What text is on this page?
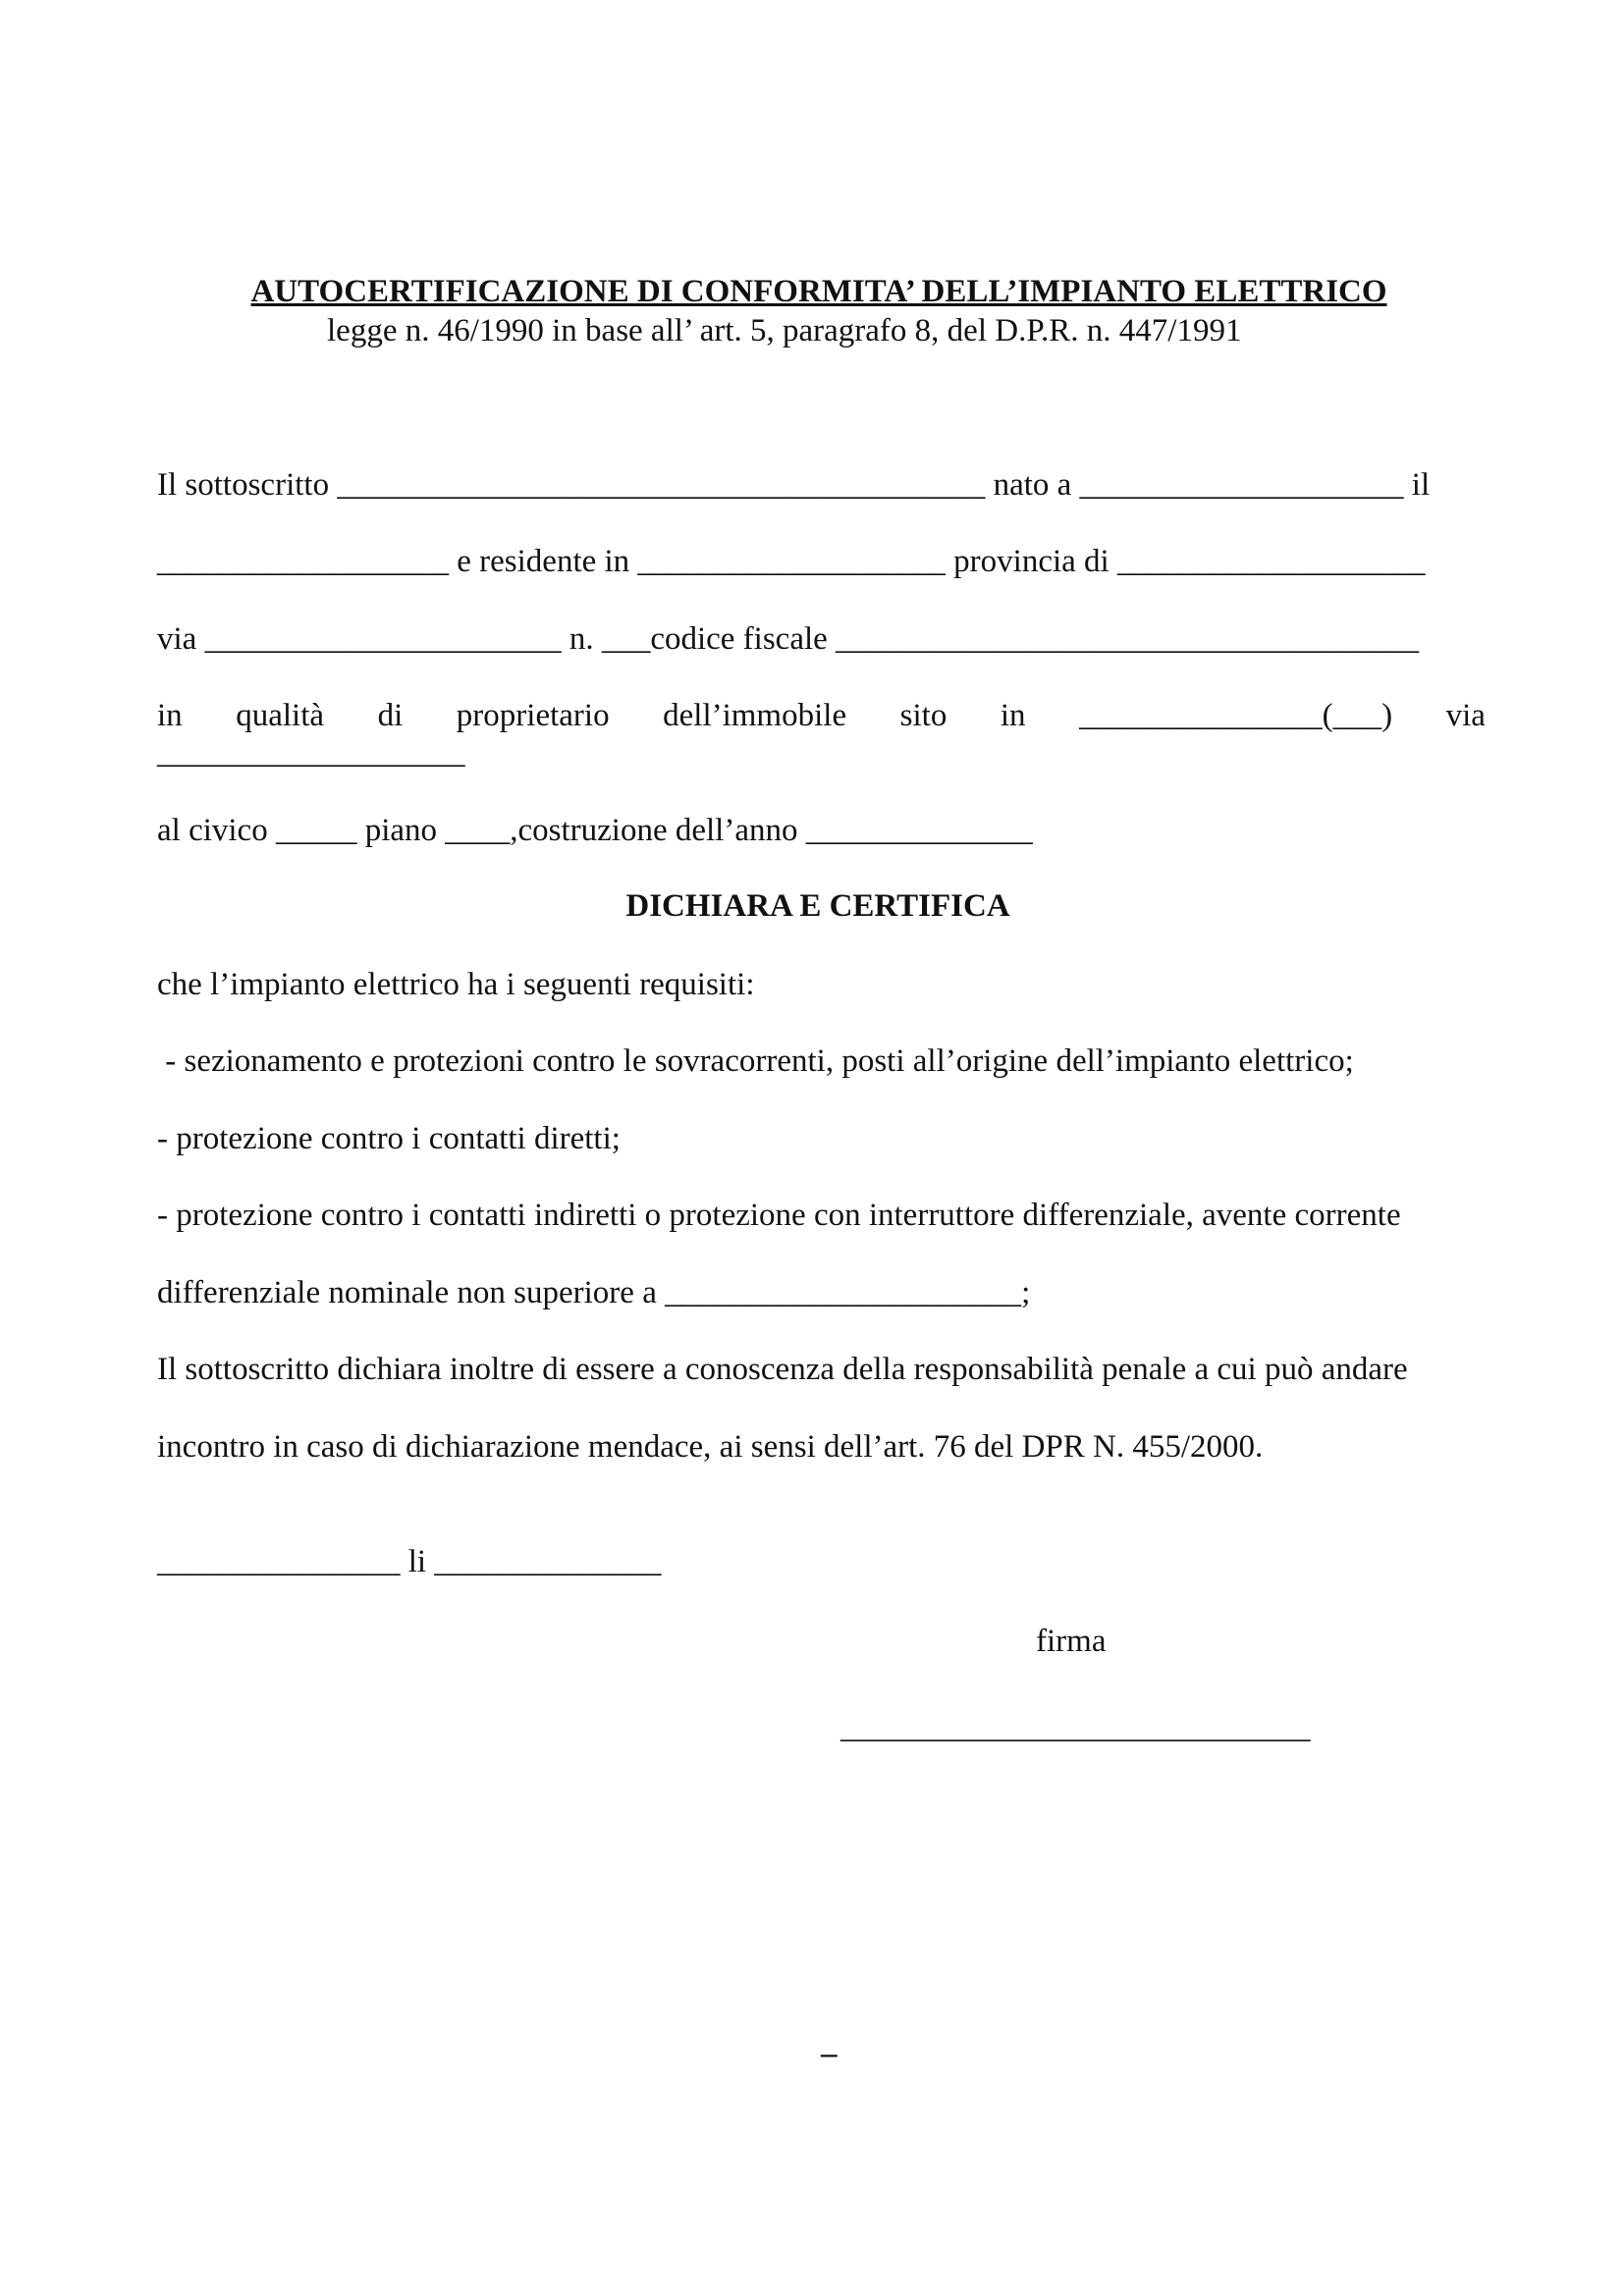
AUTOCERTIFICAZIONE DI CONFORMITA’ DELL’IMPIANTO ELETTRICO
legge n. 46/1990 in base all’ art. 5, paragrafo 8, del D.P.R. n. 447/1991
Il sottoscritto ________________________________________ nato a ____________________ il
__________________ e residente in ___________________ provincia di ___________________
via ______________________ n. ___codice fiscale ____________________________________
in qualità di proprietario dell’immobile sito in _______________(___) via
___________________
al civico _____ piano ____,costruzione dell’anno ______________
DICHIARA E CERTIFICA
che l’impianto elettrico ha i seguenti requisiti:
- sezionamento e protezioni contro le sovracorrenti, posti all’origine dell’impianto elettrico;
- protezione contro i contatti diretti;
- protezione contro i contatti indiretti o protezione con interruttore differenziale, avente corrente
differenziale nominale non superiore a ______________________;
Il sottoscritto dichiara inoltre di essere a conoscenza della responsabilità penale a cui può andare
incontro in caso di dichiarazione mendace, ai sensi dell’art. 76 del DPR N. 455/2000.
_______________ li ______________
firma
_____________________________
–
